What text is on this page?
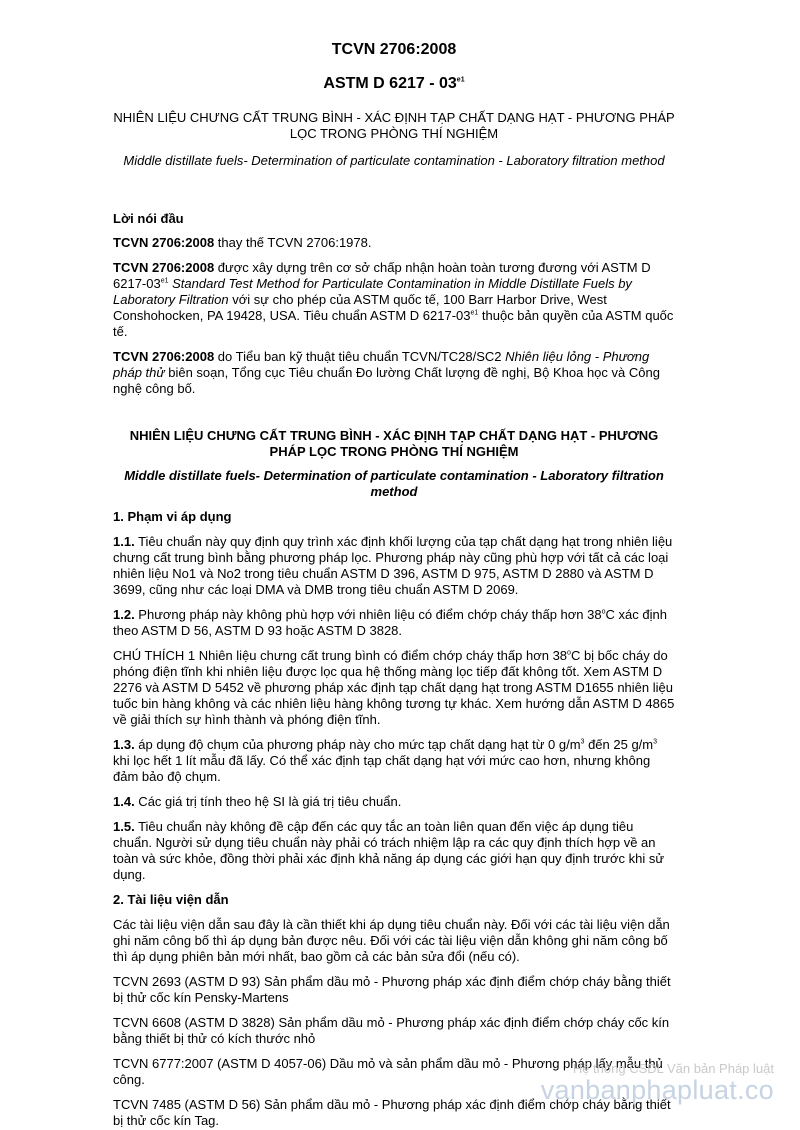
TCVN 2706:2008

ASTM D $6217 - 03^{e1}$

NHIÊN LIỆU CHƯNG CẤT TRUNG BÌNH - XÁC ĐỊNH TẠP CHẤT DẠNG HẠT - PHƯƠNG PHÁP LỌC TRONG PHÒNG THÍ NGHIỆM

Middle distillate fuels- Determination of particulate contamination - Laboratory filtration method

Lời nói đầu

TCVN 2706:2008 thay thế TCVN 2706:1978.

TCVN 2706:2008 được xây dựng trên cơ sở chấp nhận hoàn toàn tương đương với ASTM D $6217-03^{e1}$ Standard Test Method for Particulate Contamination in Middle Distillate Fuels by Laboratory Filtration với sự cho phép của ASTM quốc tế, 100 Barr Harbor Drive, West Conshohocken, PA 19428, USA. Tiêu chuẩn ASTM D $6217-03^{e1}$ thuộc bản quyền của ASTM quốc tế.

TCVN 2706:2008 do Tiểu ban kỹ thuật tiêu chuẩn TCVN/TC28/SC2 Nhiên liệu lỏng - Phương pháp thử biên soạn, Tổng cục Tiêu chuẩn Đo lường Chất lượng đề nghị, Bộ Khoa học và Công nghệ công bố.

NHIÊN LIỆU CHƯNG CẤT TRUNG BÌNH - XÁC ĐỊNH TẠP CHẤT DẠNG HẠT - PHƯƠNG PHÁP LỌC TRONG PHÒNG THÍ NGHIỆM

Middle distillate fuels- Determination of particulate contamination - Laboratory filtration method

1. Phạm vi áp dụng

1.1. Tiêu chuẩn này quy định quy trình xác định khối lượng của tạp chất dạng hạt trong nhiên liệu chưng cất trung bình bằng phương pháp lọc. Phương pháp này cũng phù hợp với tất cả các loại nhiên liệu No1 và No2 trong tiêu chuẩn ASTM D 396, ASTM D 975, ASTM D 2880 và ASTM D 3699, cũng như các loại DMA và DMB trong tiêu chuẩn ASTM D 2069.

1.2. Phương pháp này không phù hợp với nhiên liệu có điểm chớp cháy thấp hơn 38$^o$C xác định theo ASTM D 56, ASTM D 93 hoặc ASTM D 3828.

CHÚ THÍCH 1 Nhiên liệu chưng cất trung bình có điểm chớp cháy thấp hơn 38$^o$C bị bốc cháy do phóng điện tĩnh khi nhiên liệu được lọc qua hệ thống màng lọc tiếp đất không tốt. Xem ASTM D 2276 và ASTM D 5452 về phương pháp xác định tạp chất dạng hạt trong ASTM D1655 nhiên liệu tuốc bin hàng không và các nhiên liệu hàng không tương tự khác. Xem hướng dẫn ASTM D 4865 về giải thích sự hình thành và phóng điện tĩnh.

1.3. áp dụng độ chụm của phương pháp này cho mức tạp chất dạng hạt từ 0 $g/m^3$ đến 25 $g/m^3$ khi lọc hết 1 lít mẫu đã lấy. Có thể xác định tạp chất dạng hạt với mức cao hơn, nhưng không đảm bảo độ chụm.

1.4. Các giá trị tính theo hệ SI là giá trị tiêu chuẩn.

1.5. Tiêu chuẩn này không đề cập đến các quy tắc an toàn liên quan đến việc áp dụng tiêu chuẩn. Người sử dụng tiêu chuẩn này phải có trách nhiệm lập ra các quy định thích hợp về an toàn và sức khỏe, đồng thời phải xác định khả năng áp dụng các giới hạn quy định trước khi sử dụng.

2. Tài liệu viện dẫn

Các tài liệu viện dẫn sau đây là cần thiết khi áp dụng tiêu chuẩn này. Đối với các tài liệu viện dẫn ghi năm công bố thì áp dụng bản được nêu. Đối với các tài liệu viện dẫn không ghi năm công bố thì áp dụng phiên bản mới nhất, bao gồm cả các bản sửa đổi (nếu có).

TCVN 2693 (ASTM D 93) Sản phẩm dầu mỏ - Phương pháp xác định điểm chớp cháy bằng thiết bị thử cốc kín Pensky-Martens

TCVN 6608 (ASTM D 3828) Sản phẩm dầu mỏ - Phương pháp xác định điểm chớp cháy cốc kín bằng thiết bị thử có kích thước nhỏ

TCVN 6777:2007 (ASTM D 4057-06) Dầu mỏ và sản phẩm dầu mỏ - Phương pháp lấy mẫu thủ công.

TCVN 7485 (ASTM D 56) Sản phẩm dầu mỏ - Phương pháp xác định điểm chớp cháy bằng thiết bị thử cốc kín Tag.

Hệ thống CSDL Văn bản Pháp luật
vanbanphapluat.co
